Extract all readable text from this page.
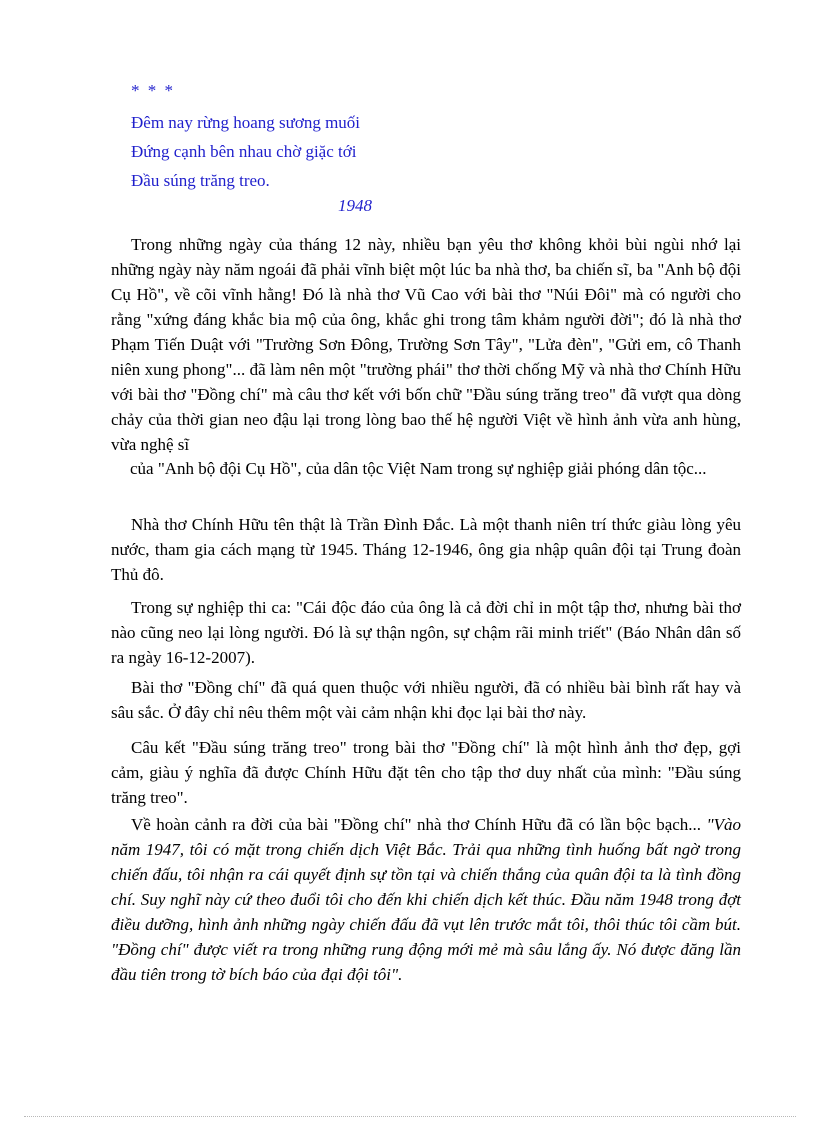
* * *
Đêm nay rừng hoang sương muối
Đứng cạnh bên nhau chờ giặc tới
Đầu súng trăng treo.
1948

Trong những ngày của tháng 12 này, nhiều bạn yêu thơ không khỏi bùi ngùi nhớ lại những ngày này năm ngoái đã phải vĩnh biệt một lúc ba nhà thơ, ba chiến sĩ, ba "Anh bộ đội Cụ Hồ", về cõi vĩnh hằng! Đó là nhà thơ Vũ Cao với bài thơ "Núi Đôi" mà có người cho rằng "xứng đáng khắc bia mộ của ông, khắc ghi trong tâm khảm người đời"; đó là nhà thơ Phạm Tiến Duật với "Trường Sơn Đông, Trường Sơn Tây", "Lửa đèn", "Gửi em, cô Thanh niên xung phong"... đã làm nên một "trường phái" thơ thời chống Mỹ và nhà thơ Chính Hữu với bài thơ "Đồng chí" mà câu thơ kết với bốn chữ "Đầu súng trăng treo" đã vượt qua dòng chảy của thời gian neo đậu lại trong lòng bao thế hệ người Việt về hình ảnh vừa anh hùng, vừa nghệ sĩ

của "Anh bộ đội Cụ Hồ", của dân tộc Việt Nam trong sự nghiệp giải phóng dân tộc...

Nhà thơ Chính Hữu tên thật là Trần Đình Đắc. Là một thanh niên trí thức giàu lòng yêu nước, tham gia cách mạng từ 1945. Tháng 12-1946, ông gia nhập quân đội tại Trung đoàn Thủ đô.

Trong sự nghiệp thi ca: "Cái độc đáo của ông là cả đời chỉ in một tập thơ, nhưng bài thơ nào cũng neo lại lòng người. Đó là sự thận ngôn, sự chậm rãi minh triết" (Báo Nhân dân số ra ngày 16-12-2007).

Bài thơ "Đồng chí" đã quá quen thuộc với nhiều người, đã có nhiều bài bình rất hay và sâu sắc. Ở đây chỉ nêu thêm một vài cảm nhận khi đọc lại bài thơ này.

Câu kết "Đầu súng trăng treo" trong bài thơ "Đồng chí" là một hình ảnh thơ đẹp, gợi cảm, giàu ý nghĩa đã được Chính Hữu đặt tên cho tập thơ duy nhất của mình: "Đầu súng trăng treo".

Về hoàn cảnh ra đời của bài "Đồng chí" nhà thơ Chính Hữu đã có lần bộc bạch... "Vào năm 1947, tôi có mặt trong chiến dịch Việt Bắc. Trải qua những tình huống bất ngờ trong chiến đấu, tôi nhận ra cái quyết định sự tồn tại và chiến thắng của quân đội ta là tình đồng chí. Suy nghĩ này cứ theo đuổi tôi cho đến khi chiến dịch kết thúc. Đầu năm 1948 trong đợt điều dưỡng, hình ảnh những ngày chiến đấu đã vụt lên trước mắt tôi, thôi thúc tôi cầm bút. "Đồng chí" được viết ra trong những rung động mới mẻ mà sâu lắng ấy. Nó được đăng lần đầu tiên trong tờ bích báo của đại đội tôi".
